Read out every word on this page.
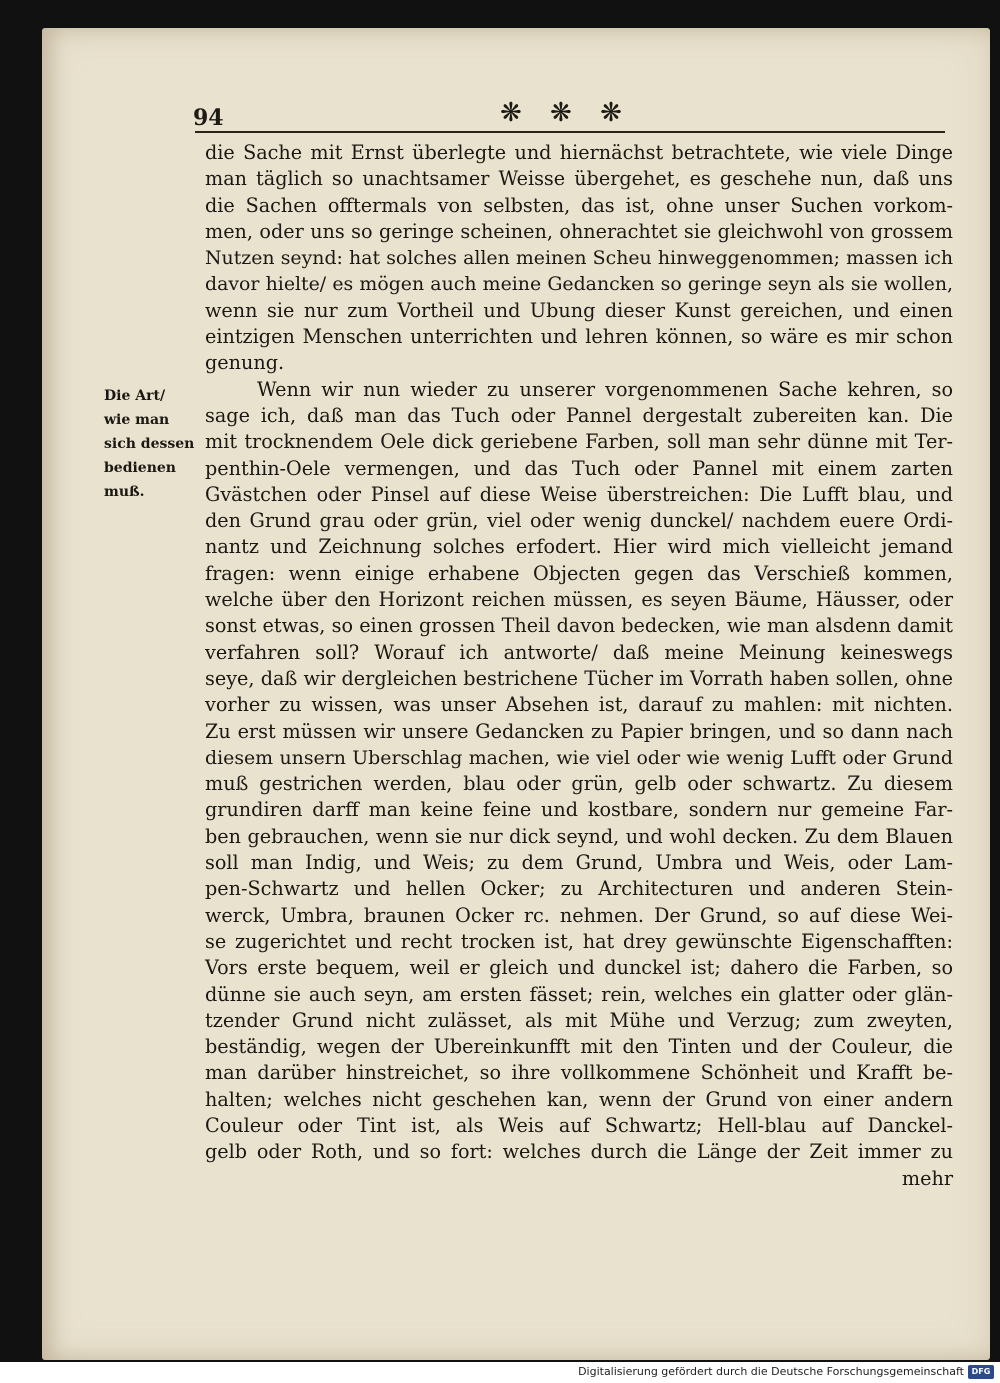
94	❋ ❋ ❋
Die Art/
wie man
sich dessen
bedienen
muß.
die Sache mit Ernst überlegte und hiernächst betrachtete, wie viele Dinge
man täglich so unachtsamer Weisse übergehet, es geschehe nun, daß uns
die Sachen offtermals von selbsten, das ist, ohne unser Suchen vorkom-
men, oder uns so geringe scheinen, ohnerachtet sie gleichwohl von grossem
Nutzen seynd: hat solches allen meinen Scheu hinweggenommen; massen ich
davor hielte/ es mögen auch meine Gedancken so geringe seyn als sie wollen,
wenn sie nur zum Vortheil und Ubung dieser Kunst gereichen, und einen
eintzigen Menschen unterrichten und lehren können, so wäre es mir schon
genung.
Wenn wir nun wieder zu unserer vorgenommenen Sache kehren, so
sage ich, daß man das Tuch oder Pannel dergestalt zubereiten kan. Die
mit trocknendem Oele dick geriebene Farben, soll man sehr dünne mit Ter-
penthin-Oele vermengen, und das Tuch oder Pannel mit einem zarten
Gvästchen oder Pinsel auf diese Weise überstreichen: Die Lufft blau, und
den Grund grau oder grün, viel oder wenig dunckel/ nachdem euere Ordi-
nantz und Zeichnung solches erfodert. Hier wird mich vielleicht jemand
fragen: wenn einige erhabene Objecten gegen das Verschieß kommen,
welche über den Horizont reichen müssen, es seyen Bäume, Häusser, oder
sonst etwas, so einen grossen Theil davon bedecken, wie man alsdenn damit
verfahren soll? Worauf ich antworte/ daß meine Meinung keineswegs
seye, daß wir dergleichen bestrichene Tücher im Vorrath haben sollen, ohne
vorher zu wissen, was unser Absehen ist, darauf zu mahlen: mit nichten.
Zu erst müssen wir unsere Gedancken zu Papier bringen, und so dann nach
diesem unsern Uberschlag machen, wie viel oder wie wenig Lufft oder Grund
muß gestrichen werden, blau oder grün, gelb oder schwartz. Zu diesem
grundiren darff man keine feine und kostbare, sondern nur gemeine Far-
ben gebrauchen, wenn sie nur dick seynd, und wohl decken. Zu dem Blauen
soll man Indig, und Weis; zu dem Grund, Umbra und Weis, oder Lam-
pen-Schwartz und hellen Ocker; zu Architecturen und anderen Stein-
werck, Umbra, braunen Ocker rc. nehmen. Der Grund, so auf diese Wei-
se zugerichtet und recht trocken ist, hat drey gewünschte Eigenschafften:
Vors erste bequem, weil er gleich und dunckel ist; dahero die Farben, so
dünne sie auch seyn, am ersten fässet; rein, welches ein glatter oder glän-
tzender Grund nicht zulässet, als mit Mühe und Verzug; zum zweyten,
beständig, wegen der Ubereinkunfft mit den Tinten und der Couleur, die
man darüber hinstreichet, so ihre vollkommene Schönheit und Krafft be-
halten; welches nicht geschehen kan, wenn der Grund von einer andern
Couleur oder Tint ist, als Weis auf Schwartz; Hell-blau auf Danckel-
gelb oder Roth, und so fort: welches durch die Länge der Zeit immer zu
mehr
Digitalisierung gefördert durch die Deutsche Forschungsgemeinschaft DFG
